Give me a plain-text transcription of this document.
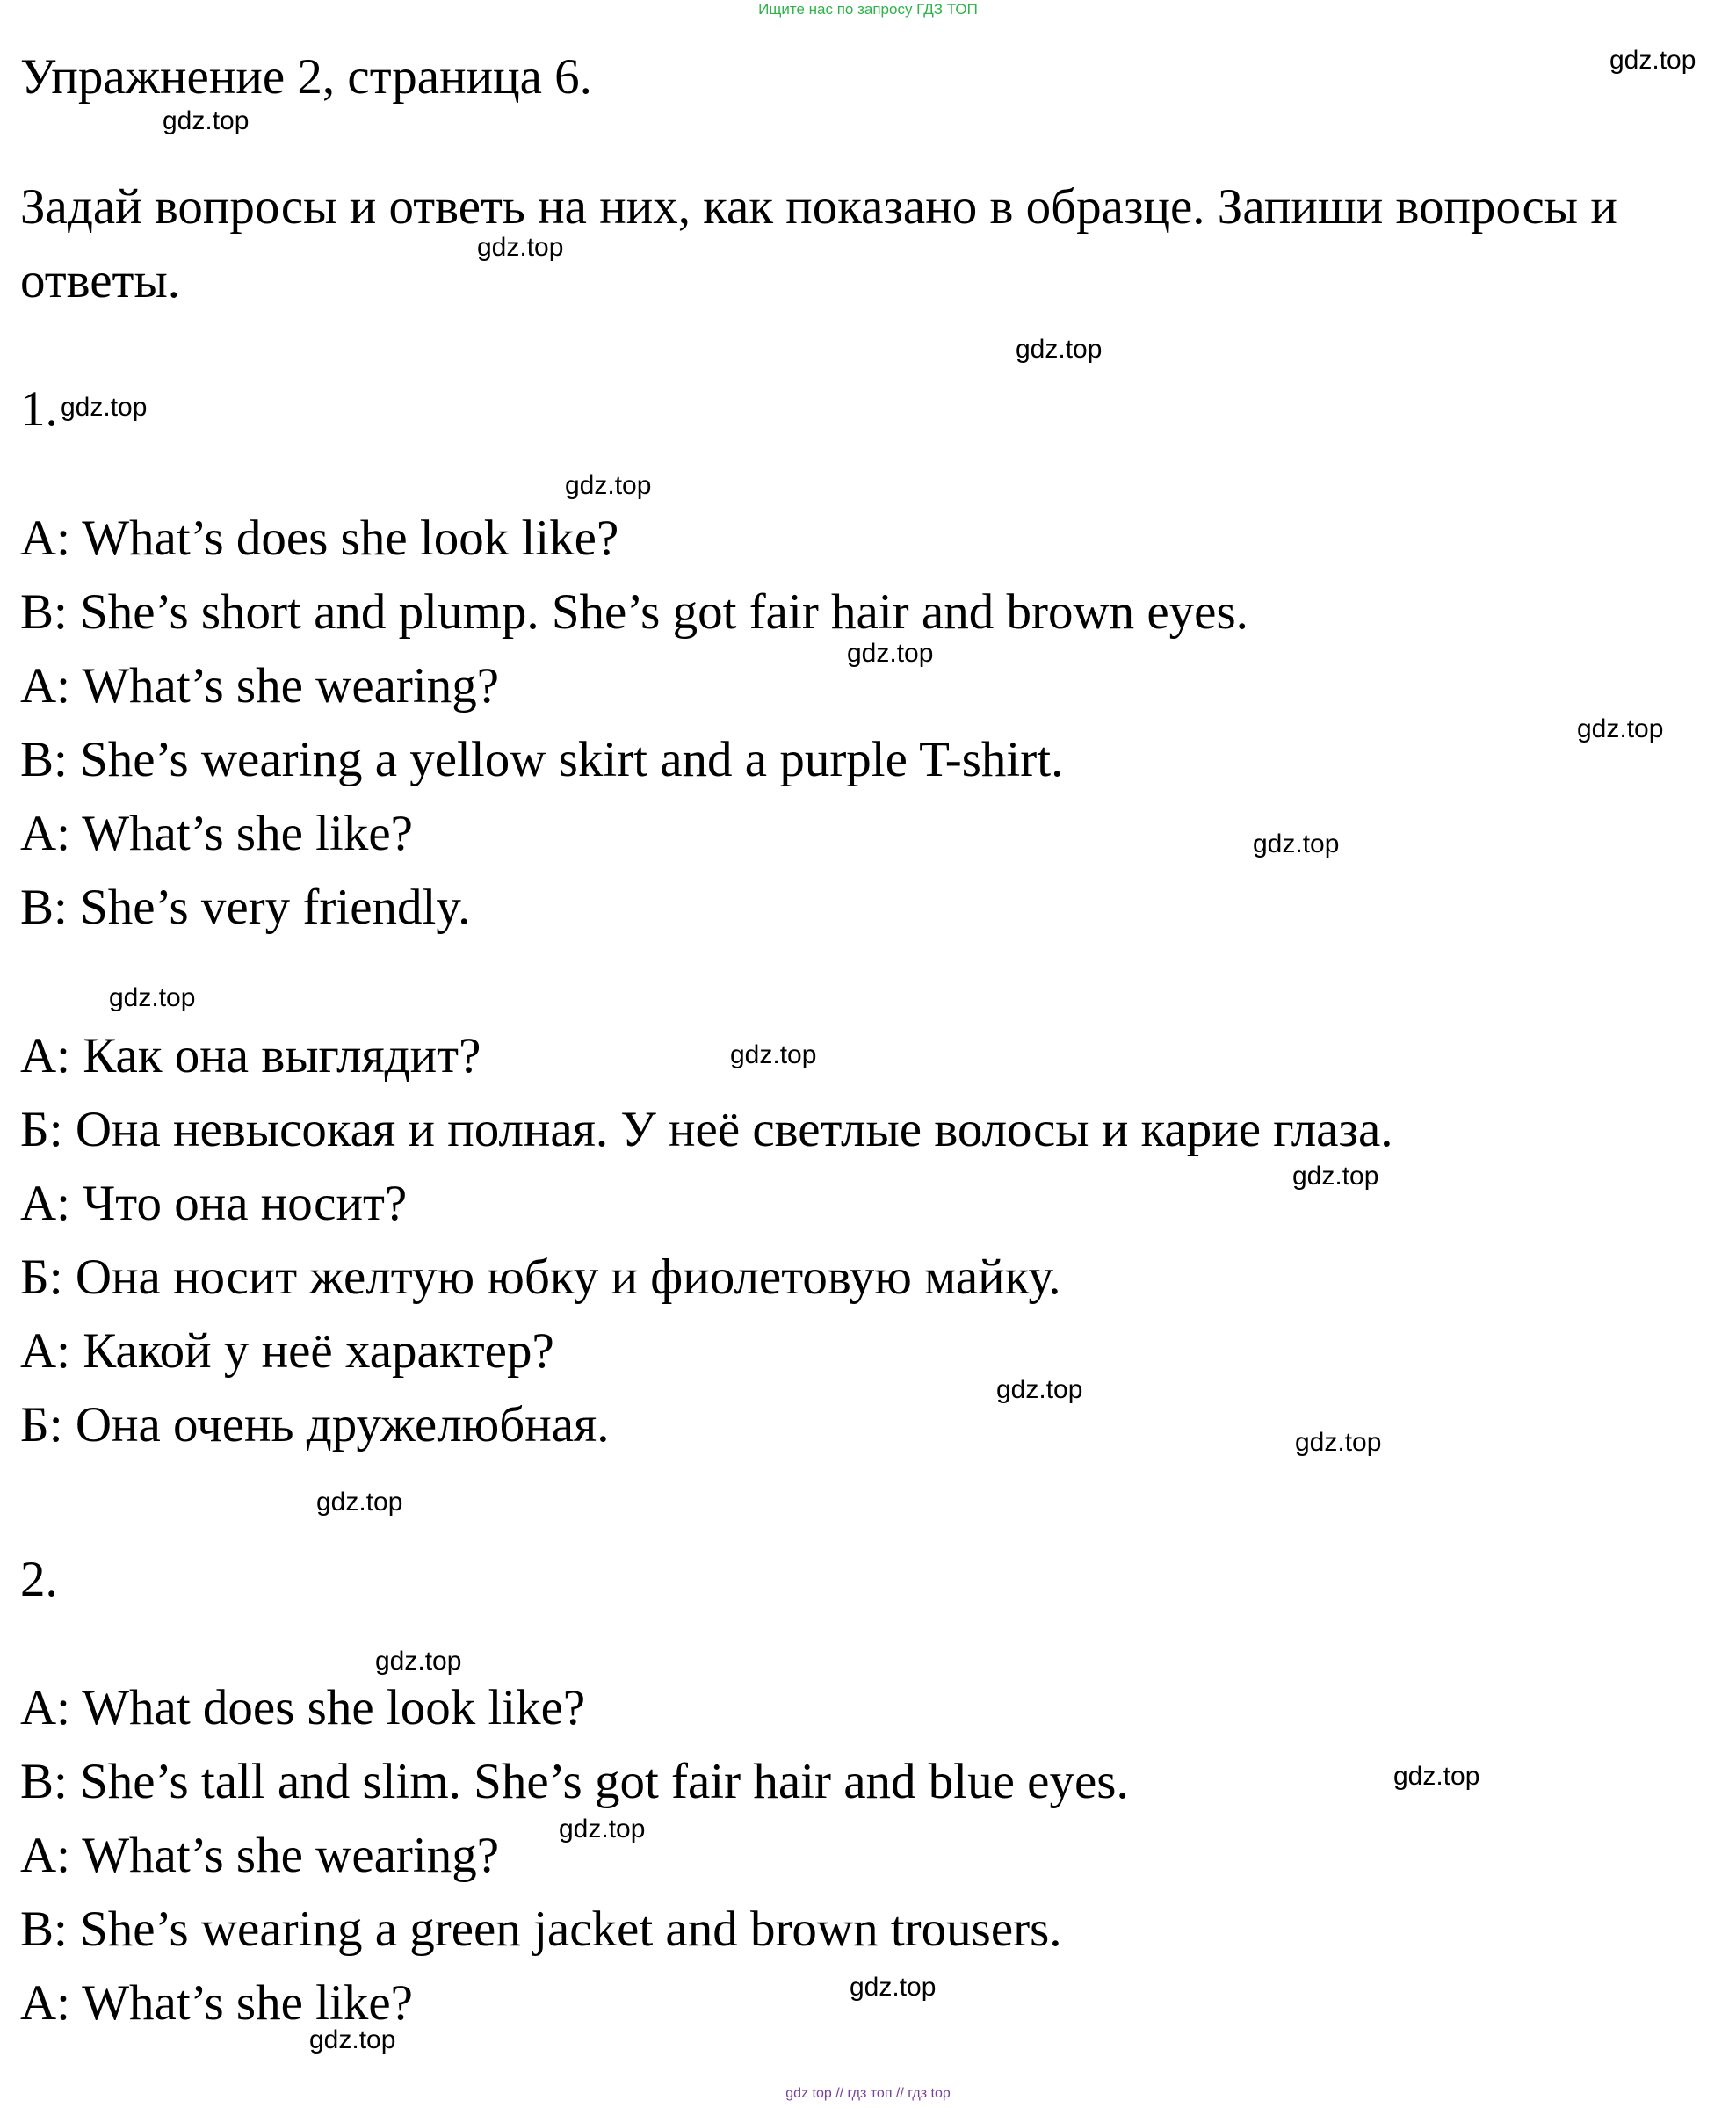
Ищите нас по запросу ГДЗ ТОП
Упражнение 2, страница 6.
Задай вопросы и ответь на них, как показано в образце. Запиши вопросы и
ответы.
1.
A: What’s does she look like?
B: She’s short and plump. She’s got fair hair and brown eyes.
A: What’s she wearing?
B: She’s wearing a yellow skirt and a purple T-shirt.
A: What’s she like?
B: She’s very friendly.
А: Как она выглядит?
Б: Она невысокая и полная. У неё светлые волосы и карие глаза.
А: Что она носит?
Б: Она носит желтую юбку и фиолетовую майку.
А: Какой у неё характер?
Б: Она очень дружелюбная.
2.
A: What does she look like?
B: She’s tall and slim. She’s got fair hair and blue eyes.
A: What’s she wearing?
B: She’s wearing a green jacket and brown trousers.
A: What’s she like?
gdz.top
gdz.top
gdz.top
gdz.top
gdz.top
gdz.top
gdz.top
gdz.top
gdz.top
gdz.top
gdz.top
gdz.top
gdz.top
gdz.top
gdz.top
gdz.top
gdz.top
gdz.top
gdz.top
gdz.top
gdz top // гдз топ // гдз top
